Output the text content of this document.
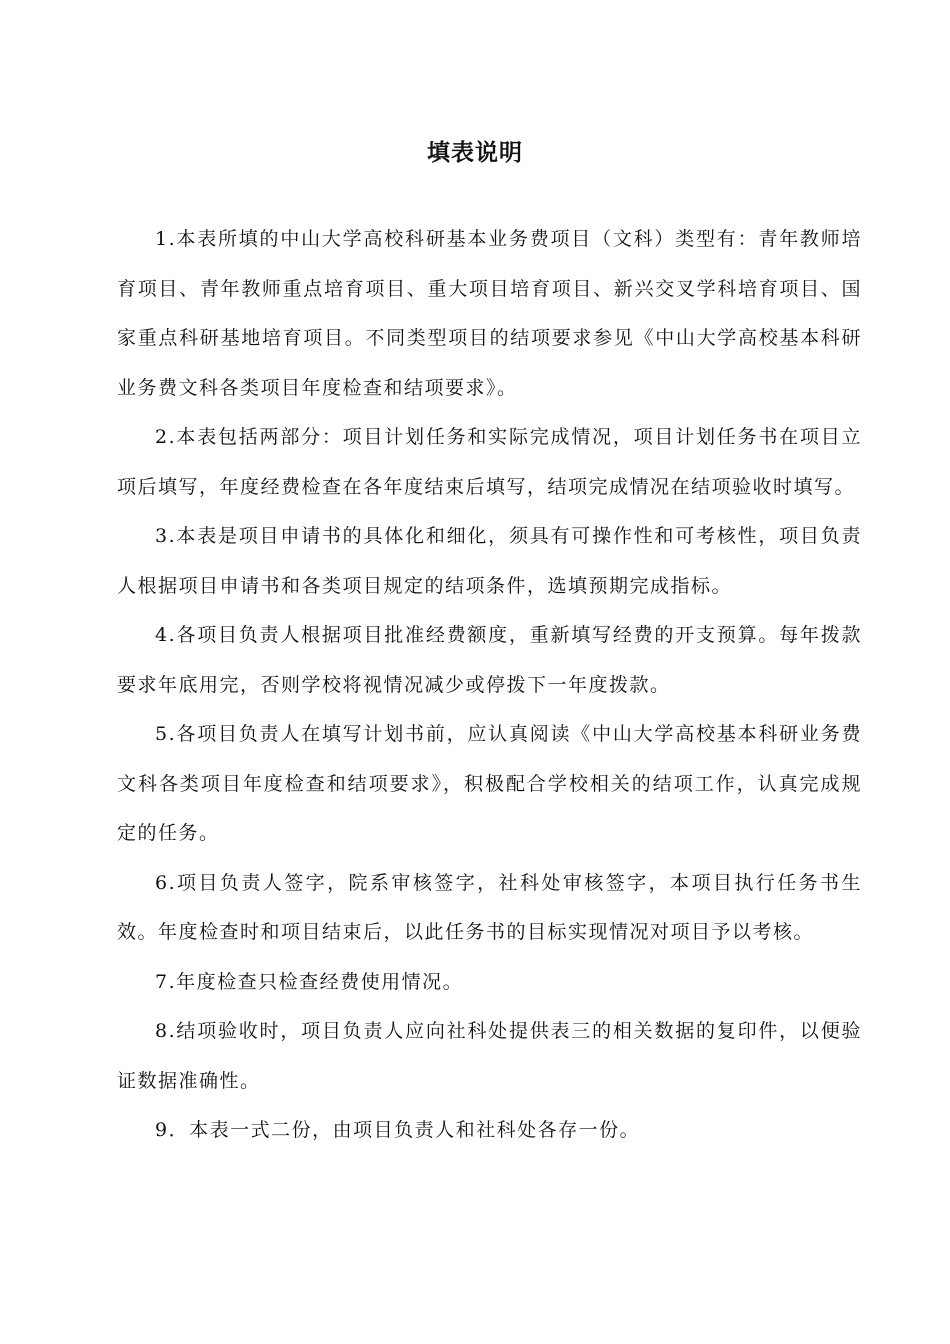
填表说明

1.本表所填的中山大学高校科研基本业务费项目（文科）类型有：青年教师培育项目、青年教师重点培育项目、重大项目培育项目、新兴交叉学科培育项目、国家重点科研基地培育项目。不同类型项目的结项要求参见《中山大学高校基本科研业务费文科各类项目年度检查和结项要求》。

2.本表包括两部分：项目计划任务和实际完成情况，项目计划任务书在项目立项后填写，年度经费检查在各年度结束后填写，结项完成情况在结项验收时填写。

3.本表是项目申请书的具体化和细化，须具有可操作性和可考核性，项目负责人根据项目申请书和各类项目规定的结项条件，选填预期完成指标。

4.各项目负责人根据项目批准经费额度，重新填写经费的开支预算。每年拨款要求年底用完，否则学校将视情况减少或停拨下一年度拨款。

5.各项目负责人在填写计划书前，应认真阅读《中山大学高校基本科研业务费文科各类项目年度检查和结项要求》，积极配合学校相关的结项工作，认真完成规定的任务。

6.项目负责人签字，院系审核签字，社科处审核签字，本项目执行任务书生效。年度检查时和项目结束后，以此任务书的目标实现情况对项目予以考核。

7.年度检查只检查经费使用情况。

8.结项验收时，项目负责人应向社科处提供表三的相关数据的复印件，以便验证数据准确性。

9．本表一式二份，由项目负责人和社科处各存一份。
